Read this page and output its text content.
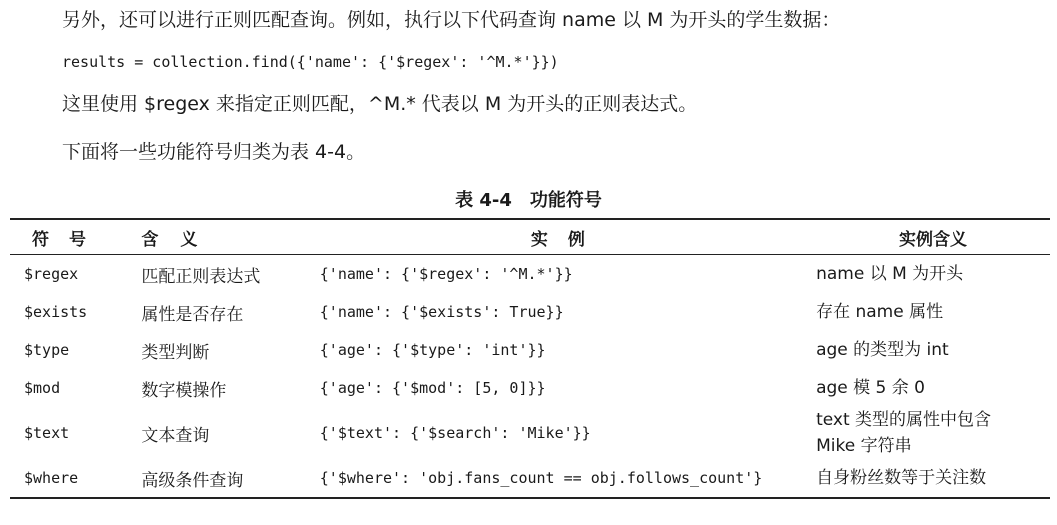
另外，还可以进行正则匹配查询。例如，执行以下代码查询 name 以 M 为开头的学生数据：
results = collection.find({'name': {'$regex': '^M.*'}})
这里使用 $regex 来指定正则匹配，^M.* 代表以 M 为开头的正则表达式。
下面将一些功能符号归类为表 4-4。
表 4-4 功能符号
符号	含义	实例	实例含义
$regex	匹配正则表达式	{'name': {'$regex': '^M.*'}}	name 以 M 为开头
$exists	属性是否存在	{'name': {'$exists': True}}	存在 name 属性
$type	类型判断	{'age': {'$type': 'int'}}	age 的类型为 int
$mod	数字模操作	{'age': {'$mod': [5, 0]}}	age 模 5 余 0
$text	文本查询	{'$text': {'$search': 'Mike'}}	text 类型的属性中包含
Mike 字符串

$where	高级条件查询	{'$where': 'obj.fans_count == obj.follows_count'}	自身粉丝数等于关注数
